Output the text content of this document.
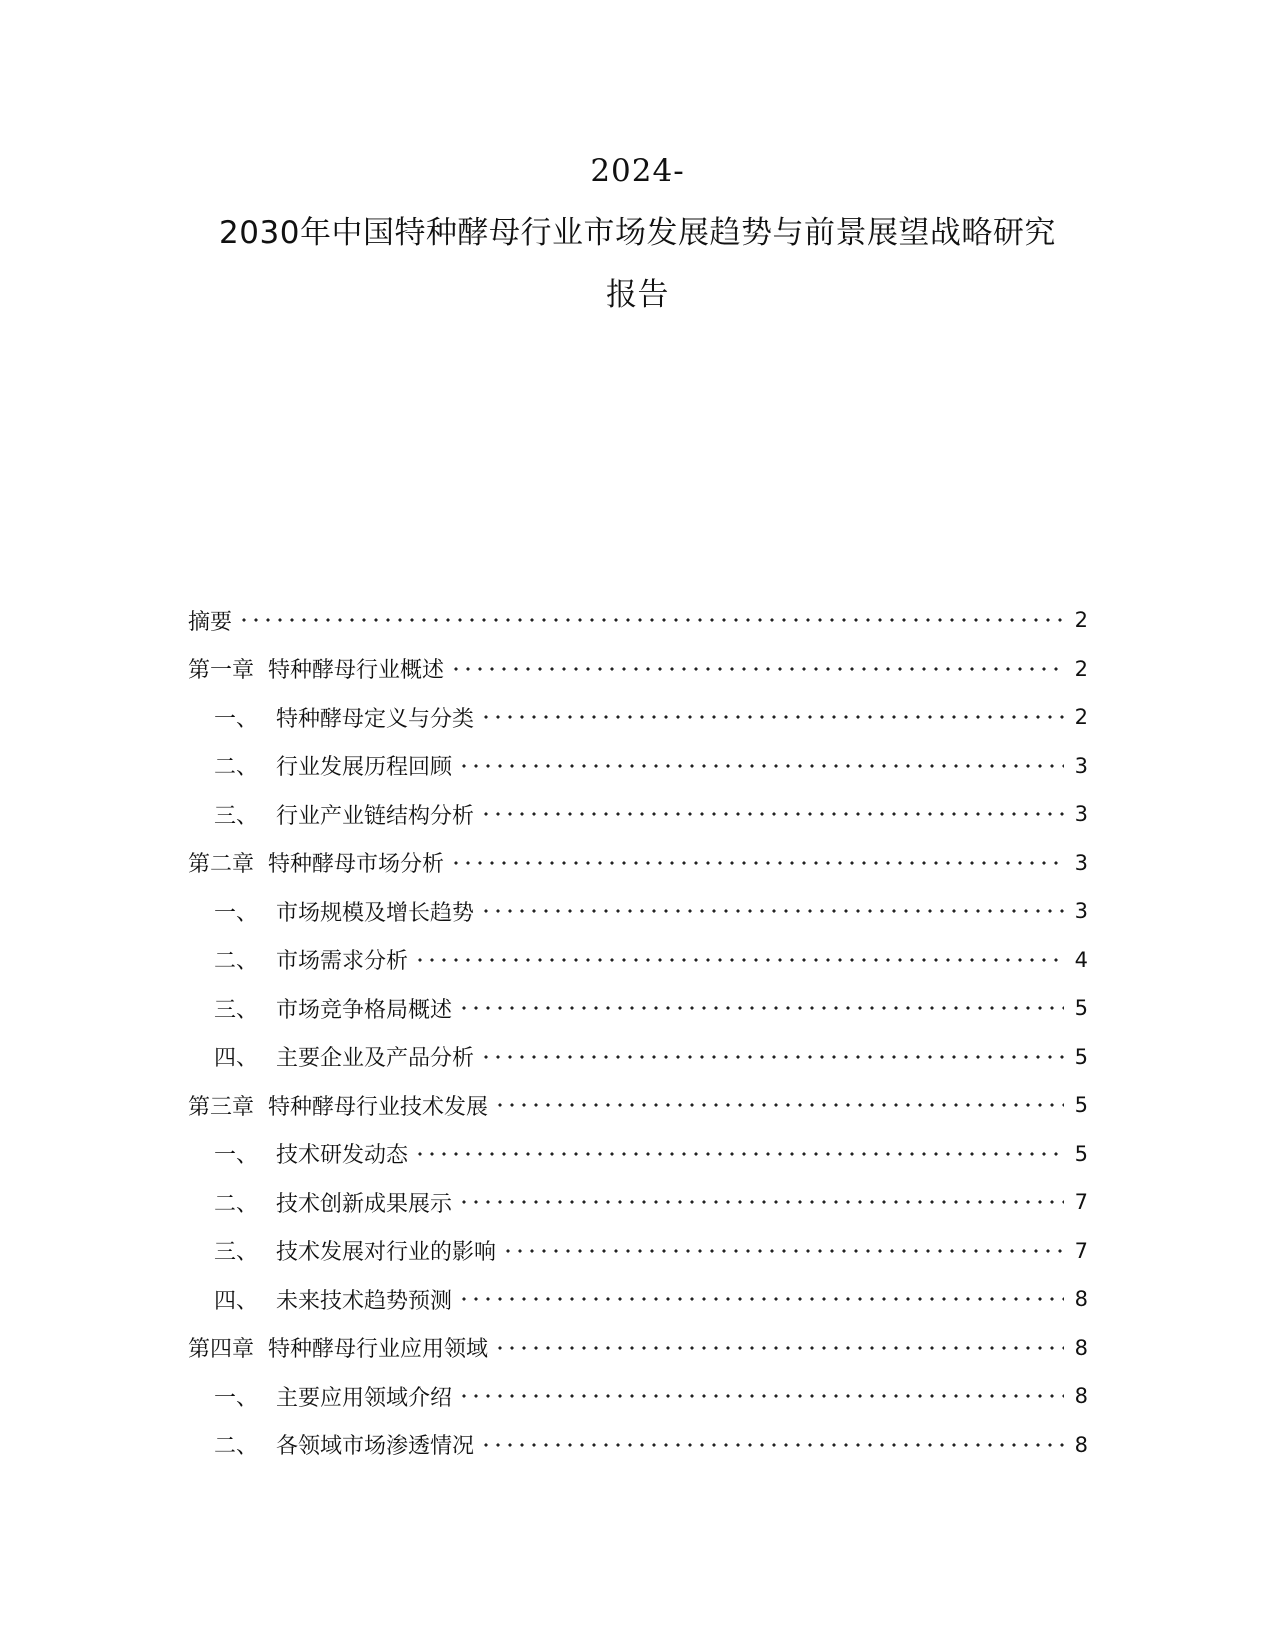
2024-
2030年中国特种酵母行业市场发展趋势与前景展望战略研究
报告
摘要	2
第一章 特种酵母行业概述	2
一、 特种酵母定义与分类	2
二、 行业发展历程回顾	3
三、 行业产业链结构分析	3
第二章 特种酵母市场分析	3
一、 市场规模及增长趋势	3
二、 市场需求分析	4
三、 市场竞争格局概述	5
四、 主要企业及产品分析	5
第三章 特种酵母行业技术发展	5
一、 技术研发动态	5
二、 技术创新成果展示	7
三、 技术发展对行业的影响	7
四、 未来技术趋势预测	8
第四章 特种酵母行业应用领域	8
一、 主要应用领域介绍	8
二、 各领域市场渗透情况	8
